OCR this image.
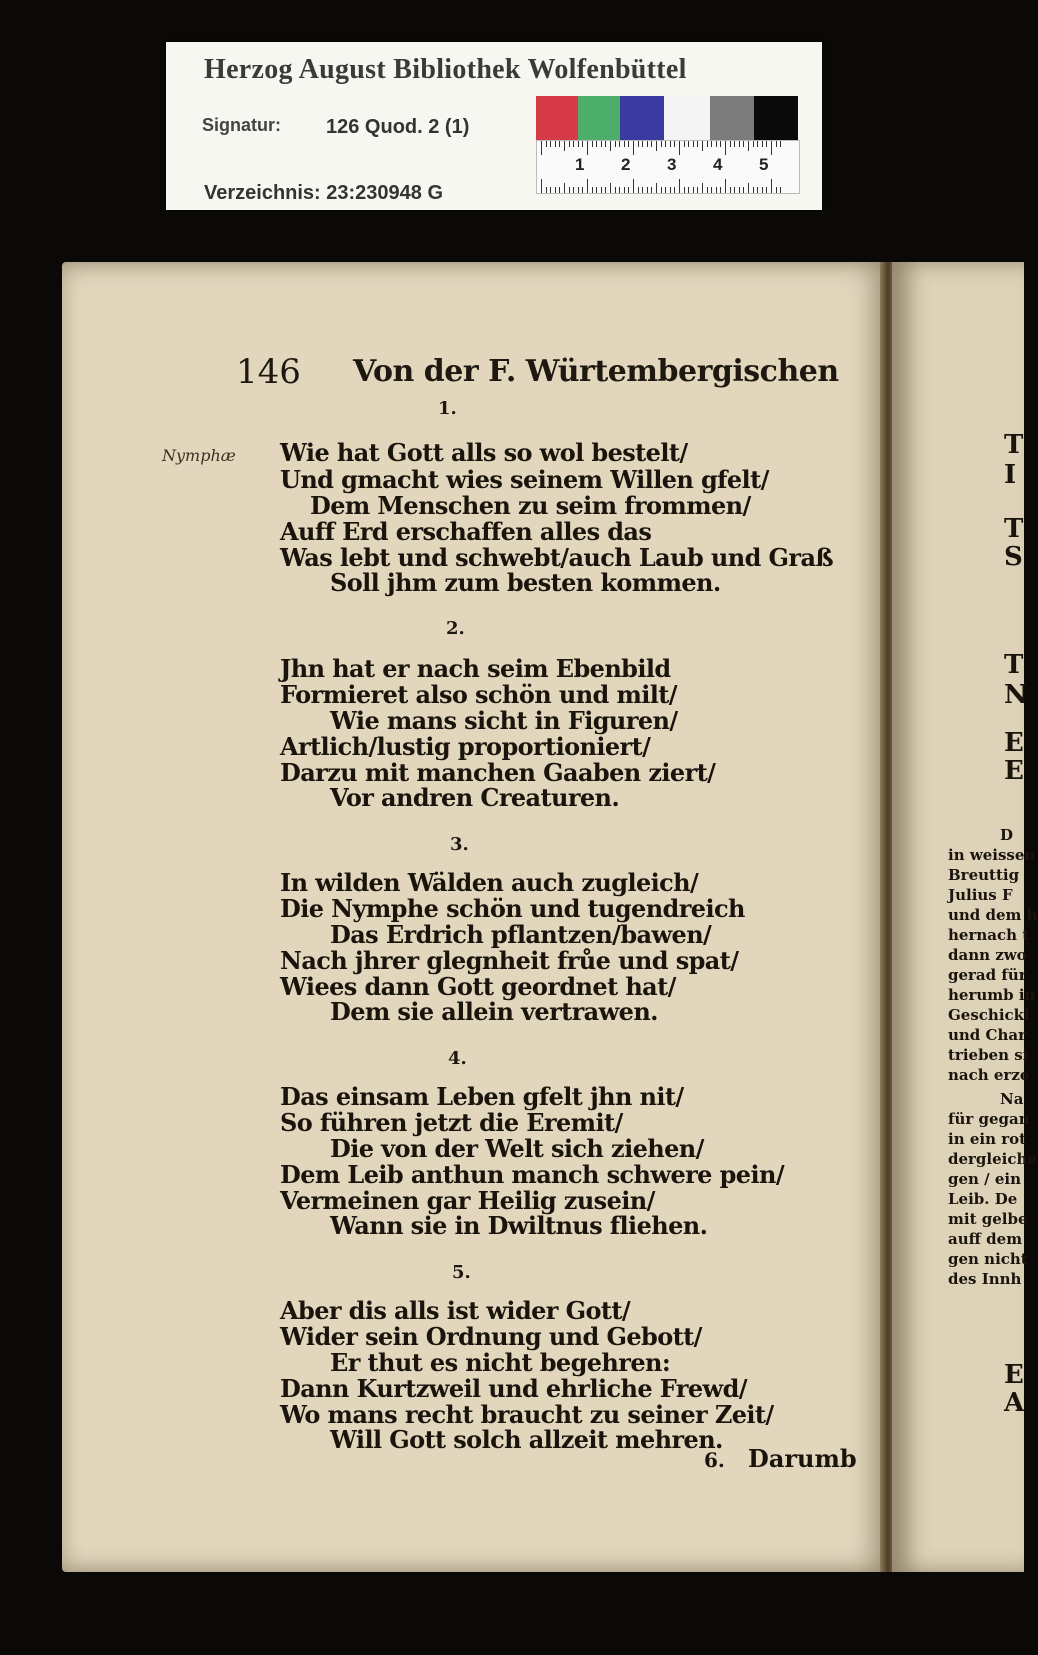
Herzog August Bibliothek Wolfenbüttel
Signatur: 126 Quod. 2 (1)
Verzeichnis: 23:230948 G
1 2 3 4 5
146 Von der F. Würtembergischen
Nymphæ
1.
Wie hat Gott alls so wol bestelt/
Und gmacht wies seinem Willen gfelt/
Dem Menschen zu seim frommen/
Auff Erd erschaffen alles das
Was lebt und schwebt/auch Laub und Graß
Soll jhm zum besten kommen.
2.
Jhn hat er nach seim Ebenbild
Formieret also schön und milt/
Wie mans sicht in Figuren/
Artlich/lustig proportioniert/
Darzu mit manchen Gaaben ziert/
Vor andren Creaturen.
3.
In wilden Wälden auch zugleich/
Die Nymphe schön und tugendreich
Das Erdrich pflantzen/bawen/
Nach jhrer glegnheit frůe und spat/
Wiees dann Gott geordnet hat/
Dem sie allein vertrawen.
4.
Das einsam Leben gfelt jhn nit/
So führen jetzt die Eremit/
Die von der Welt sich ziehen/
Dem Leib anthun manch schwere pein/
Vermeinen gar Heilig zusein/
Wann sie in Dwiltnus fliehen.
5.
Aber dis alls ist wider Gott/
Wider sein Ordnung und Gebott/
Er thut es nicht begehren:
Dann Kurtzweil und ehrliche Frewd/
Wo mans recht braucht zu seiner Zeit/
Will Gott solch allzeit mehren.
6. Darumb
D
in weissen
Breuttig
Julius F
und dem h
hernach t
dann zwo
gerad für
herumb in
Geschickl
und Char
trieben si
nach erze
Na
für gegan
in ein rot
dergleiche
gen / ein
Leib. De
mit gelbe
auff dem
gen nicht
des Innh
T
I
T
S
T
N
E
E
E
A
